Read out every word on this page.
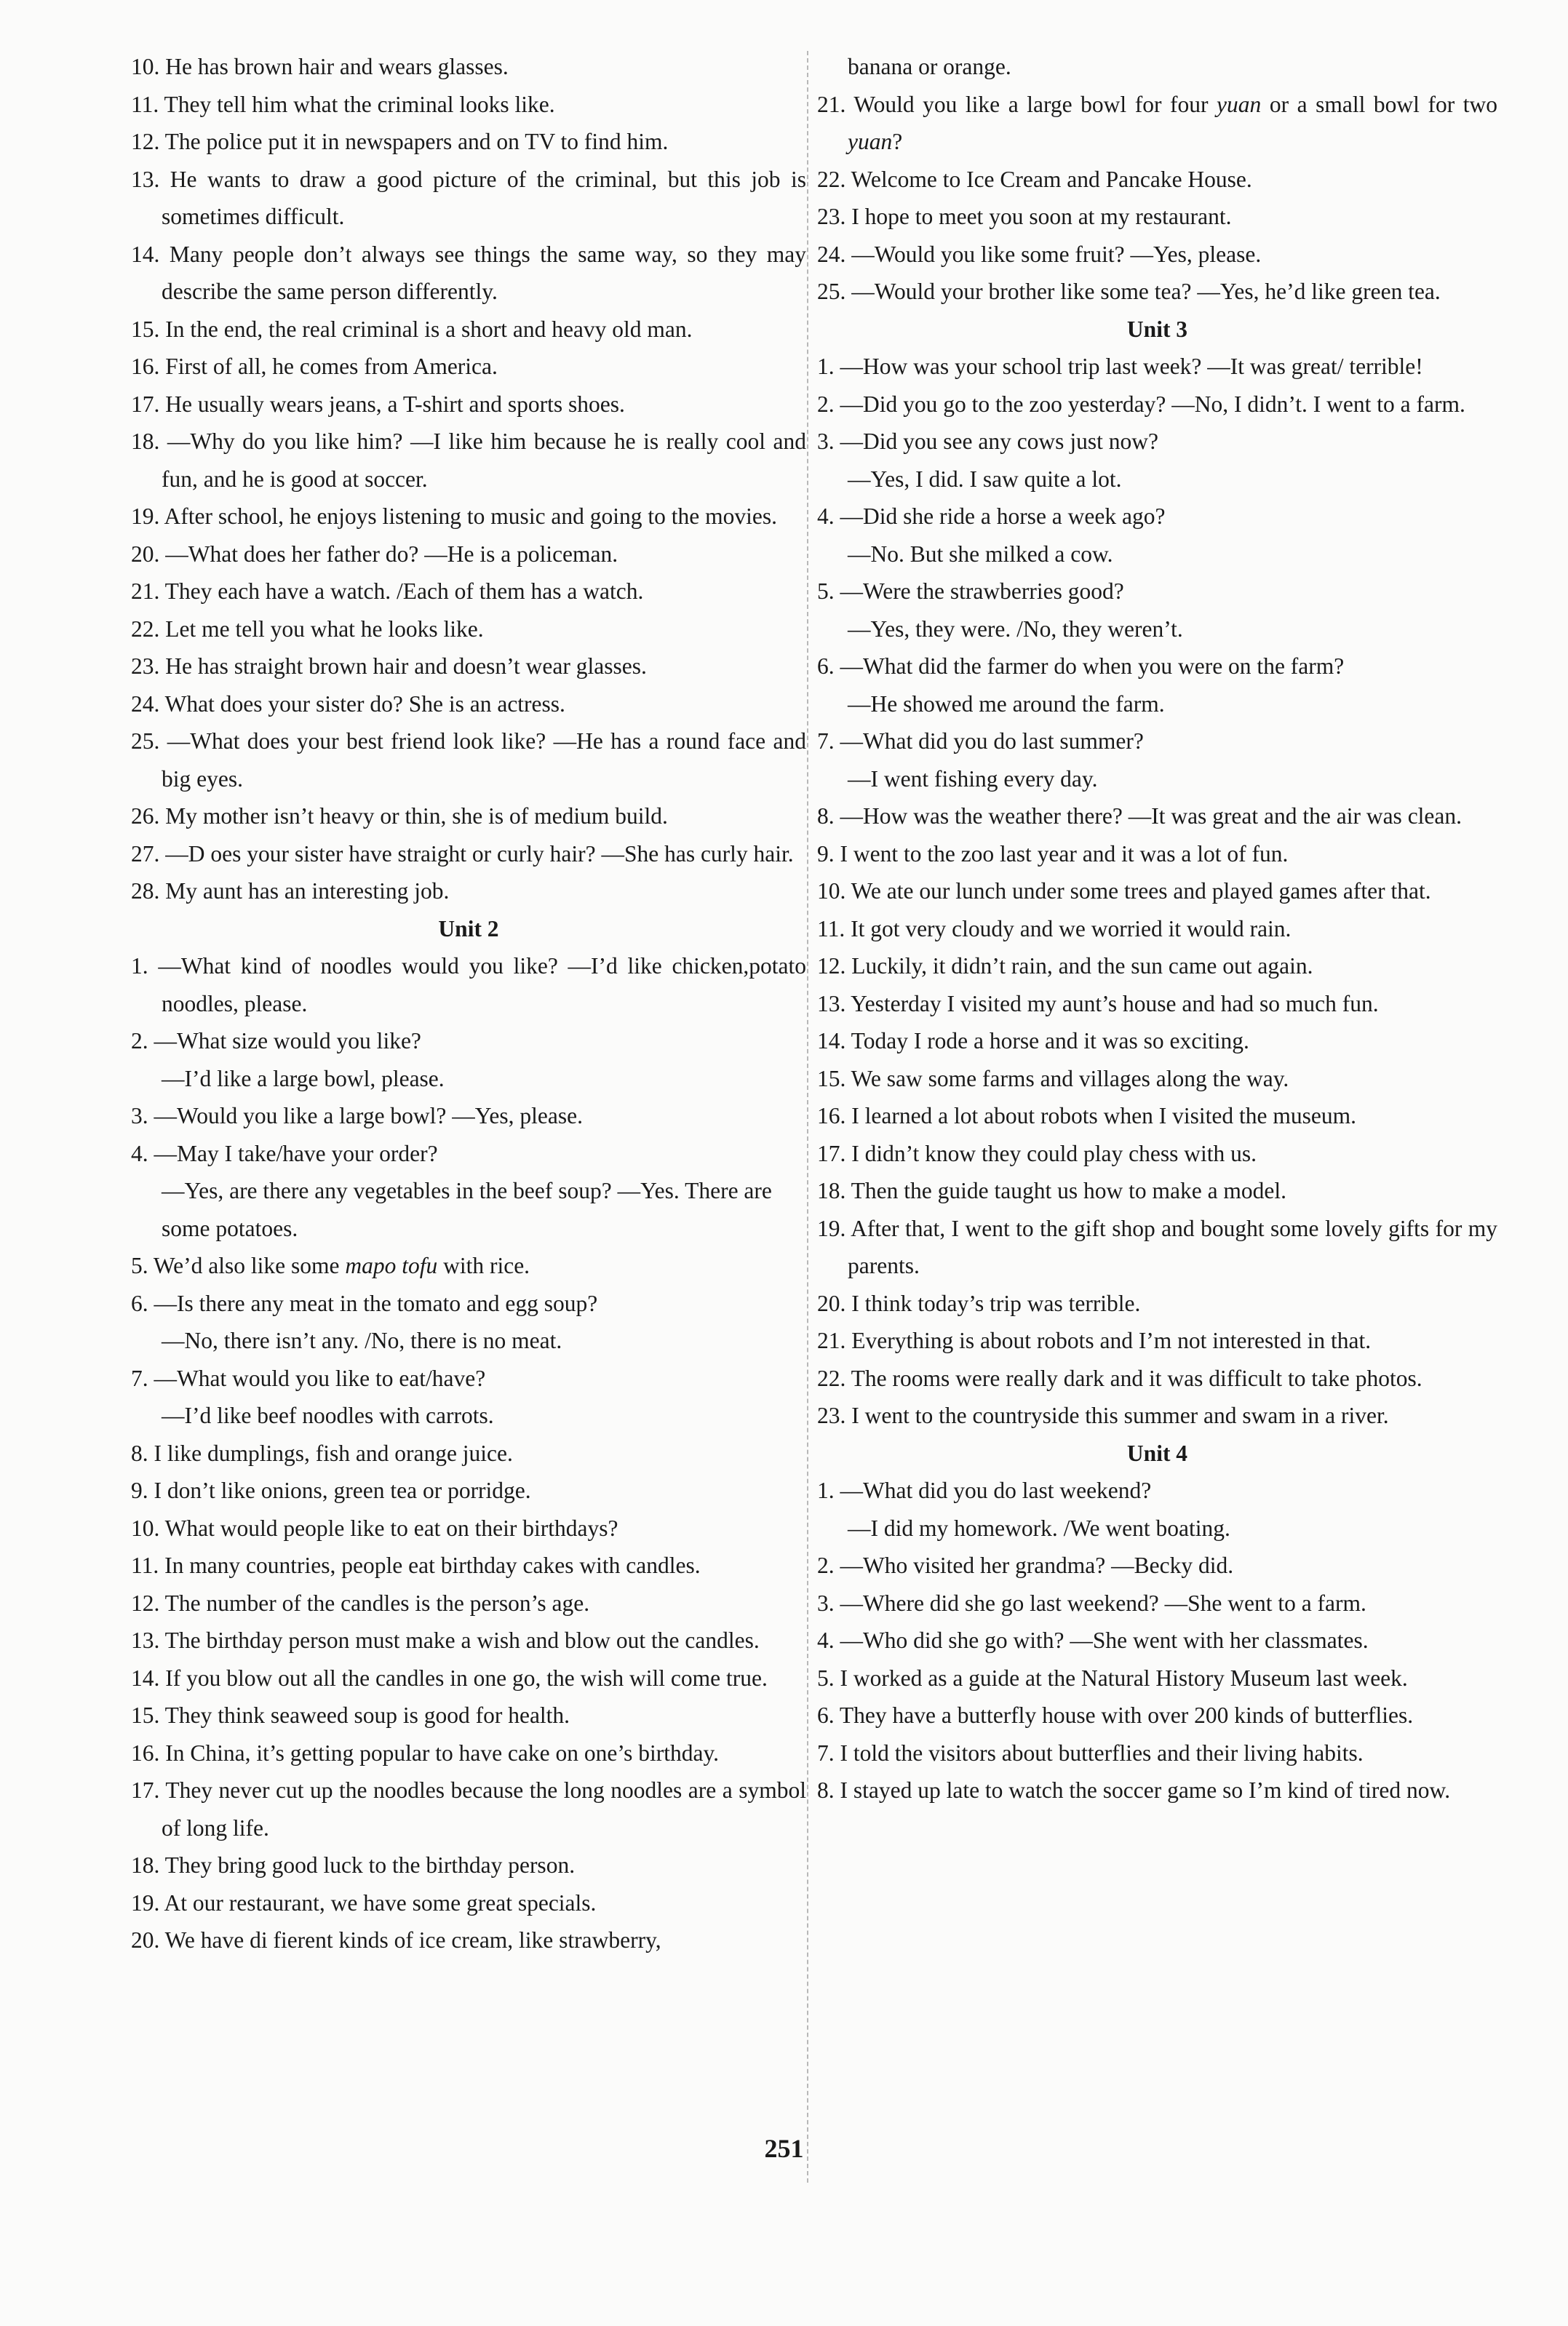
10. He has brown hair and wears glasses.

11. They tell him what the criminal looks like.

12. The police put it in newspapers and on TV to find him.

13. He wants to draw a good picture of the criminal, but this job is sometimes difficult.

14. Many people don’t always see things the same way, so they may describe the same person differently.

15. In the end, the real criminal is a short and heavy old man.

16. First of all, he comes from America.

17. He usually wears jeans, a T-shirt and sports shoes.

18. —Why do you like him? —I like him because he is really cool and fun, and he is good at soccer.

19. After school, he enjoys listening to music and going to the movies.

20. —What does her father do? —He is a policeman.

21. They each have a watch. /Each of them has a watch.

22. Let me tell you what he looks like.

23. He has straight brown hair and doesn’t wear glasses.

24. What does your sister do? She is an actress.

25. —What does your best friend look like? —He has a round face and big eyes.

26. My mother isn’t heavy or thin, she is of medium build.

27. —D oes your sister have straight or curly hair? —She has curly hair.

28. My aunt has an interesting job.

Unit 2

1. —What kind of noodles would you like? —I’d like chicken,potato noodles, please.

2. —What size would you like?

—I’d like a large bowl, please.

3. —Would you like a large bowl? —Yes, please.

4. —May I take/have your order?

—Yes, are there any vegetables in the beef soup? —Yes. There are some potatoes.

5. We’d also like some mapo tofu with rice.

6. —Is there any meat in the tomato and egg soup?

—No, there isn’t any. /No, there is no meat.

7. —What would you like to eat/have?

—I’d like beef noodles with carrots.

8. I like dumplings, fish and orange juice.

9. I don’t like onions, green tea or porridge.

10. What would people like to eat on their birthdays?

11. In many countries, people eat birthday cakes with candles.

12. The number of the candles is the person’s age.

13. The birthday person must make a wish and blow out the candles.

14. If you blow out all the candles in one go, the wish will come true.

15. They think seaweed soup is good for health.

16. In China, it’s getting popular to have cake on one’s birthday.

17. They never cut up the noodles because the long noodles are a symbol of long life.

18. They bring good luck to the birthday person.

19. At our restaurant, we have some great specials.

20. We have di fierent kinds of ice cream, like strawberry,

banana or orange.

21. Would you like a large bowl for four yuan or a small bowl for two yuan?

22. Welcome to Ice Cream and Pancake House.

23. I hope to meet you soon at my restaurant.

24. —Would you like some fruit? —Yes, please.

25. —Would your brother like some tea? —Yes, he’d like green tea.

Unit 3

1. —How was your school trip last week? —It was great/ terrible!

2. —Did you go to the zoo yesterday? —No, I didn’t. I went to a farm.

3. —Did you see any cows just now?

—Yes, I did. I saw quite a lot.

4. —Did she ride a horse a week ago?

—No. But she milked a cow.

5. —Were the strawberries good?

—Yes, they were. /No, they weren’t.

6. —What did the farmer do when you were on the farm?

—He showed me around the farm.

7. —What did you do last summer?

—I went fishing every day.

8. —How was the weather there? —It was great and the air was clean.

9. I went to the zoo last year and it was a lot of fun.

10. We ate our lunch under some trees and played games after that.

11. It got very cloudy and we worried it would rain.

12. Luckily, it didn’t rain, and the sun came out again.

13. Yesterday I visited my aunt’s house and had so much fun.

14. Today I rode a horse and it was so exciting.

15. We saw some farms and villages along the way.

16. I learned a lot about robots when I visited the museum.

17. I didn’t know they could play chess with us.

18. Then the guide taught us how to make a model.

19. After that, I went to the gift shop and bought some lovely gifts for my parents.

20. I think today’s trip was terrible.

21. Everything is about robots and I’m not interested in that.

22. The rooms were really dark and it was difficult to take photos.

23. I went to the countryside this summer and swam in a river.

Unit 4

1. —What did you do last weekend?

—I did my homework. /We went boating.

2. —Who visited her grandma? —Becky did.

3. —Where did she go last weekend? —She went to a farm.

4. —Who did she go with? —She went with her classmates.

5. I worked as a guide at the Natural History Museum last week.

6. They have a butterfly house with over 200 kinds of butterflies.

7. I told the visitors about butterflies and their living habits.

8. I stayed up late to watch the soccer game so I’m kind of tired now.

251
